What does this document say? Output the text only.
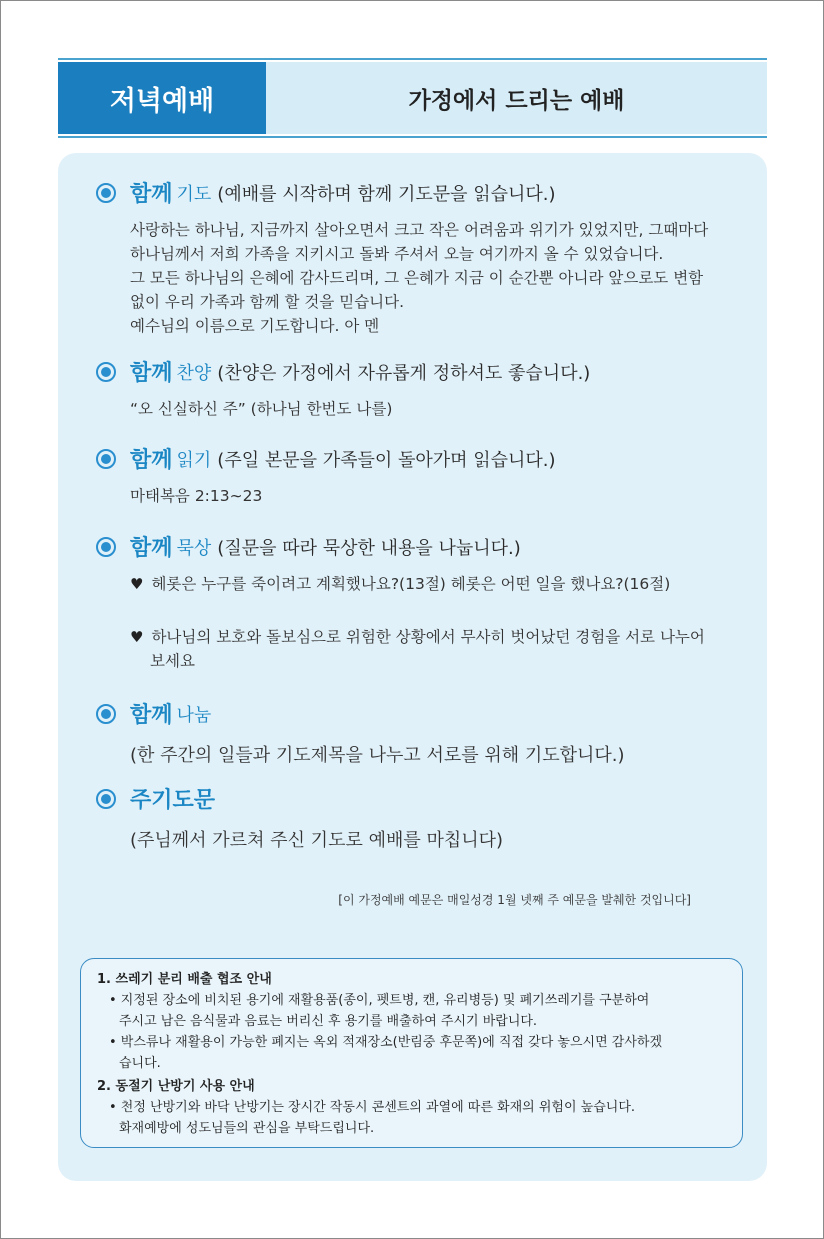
저녁예배	가정에서 드리는 예배
함께 기도 (예배를 시작하며 함께 기도문을 읽습니다.)
사랑하는 하나님, 지금까지 살아오면서 크고 작은 어려움과 위기가 있었지만, 그때마다
하나님께서 저희 가족을 지키시고 돌봐 주셔서 오늘 여기까지 올 수 있었습니다.
그 모든 하나님의 은혜에 감사드리며, 그 은혜가 지금 이 순간뿐 아니라 앞으로도 변함
없이 우리 가족과 함께 할 것을 믿습니다.
예수님의 이름으로 기도합니다. 아 멘
함께 찬양 (찬양은 가정에서 자유롭게 정하셔도 좋습니다.)
“오 신실하신 주” (하나님 한번도 나를)
함께 읽기 (주일 본문을 가족들이 돌아가며 읽습니다.)
마태복음 2:13∼23
함께 묵상 (질문을 따라 묵상한 내용을 나눕니다.)
♥ 헤롯은 누구를 죽이려고 계획했나요?(13절) 헤롯은 어떤 일을 했나요?(16절)
♥ 하나님의 보호와 돌보심으로 위험한 상황에서 무사히 벗어났던 경험을 서로 나누어
보세요
함께 나눔
(한 주간의 일들과 기도제목을 나누고 서로를 위해 기도합니다.)
주기도문
(주님께서 가르쳐 주신 기도로 예배를 마칩니다)
[이 가정예배 예문은 매일성경 1월 넷째 주 예문을 발췌한 것입니다]
1. 쓰레기 분리 배출 협조 안내
• 지정된 장소에 비치된 용기에 재활용품(종이, 펫트병, 캔, 유리병등) 및 폐기쓰레기를 구분하여
주시고 남은 음식물과 음료는 버리신 후 용기를 배출하여 주시기 바랍니다.
• 박스류나 재활용이 가능한 폐지는 옥외 적재장소(반림중 후문쪽)에 직접 갖다 놓으시면 감사하겠
습니다.
2. 동절기 난방기 사용 안내
• 천정 난방기와 바닥 난방기는 장시간 작동시 콘센트의 과열에 따른 화재의 위험이 높습니다.
화재예방에 성도님들의 관심을 부탁드립니다.
